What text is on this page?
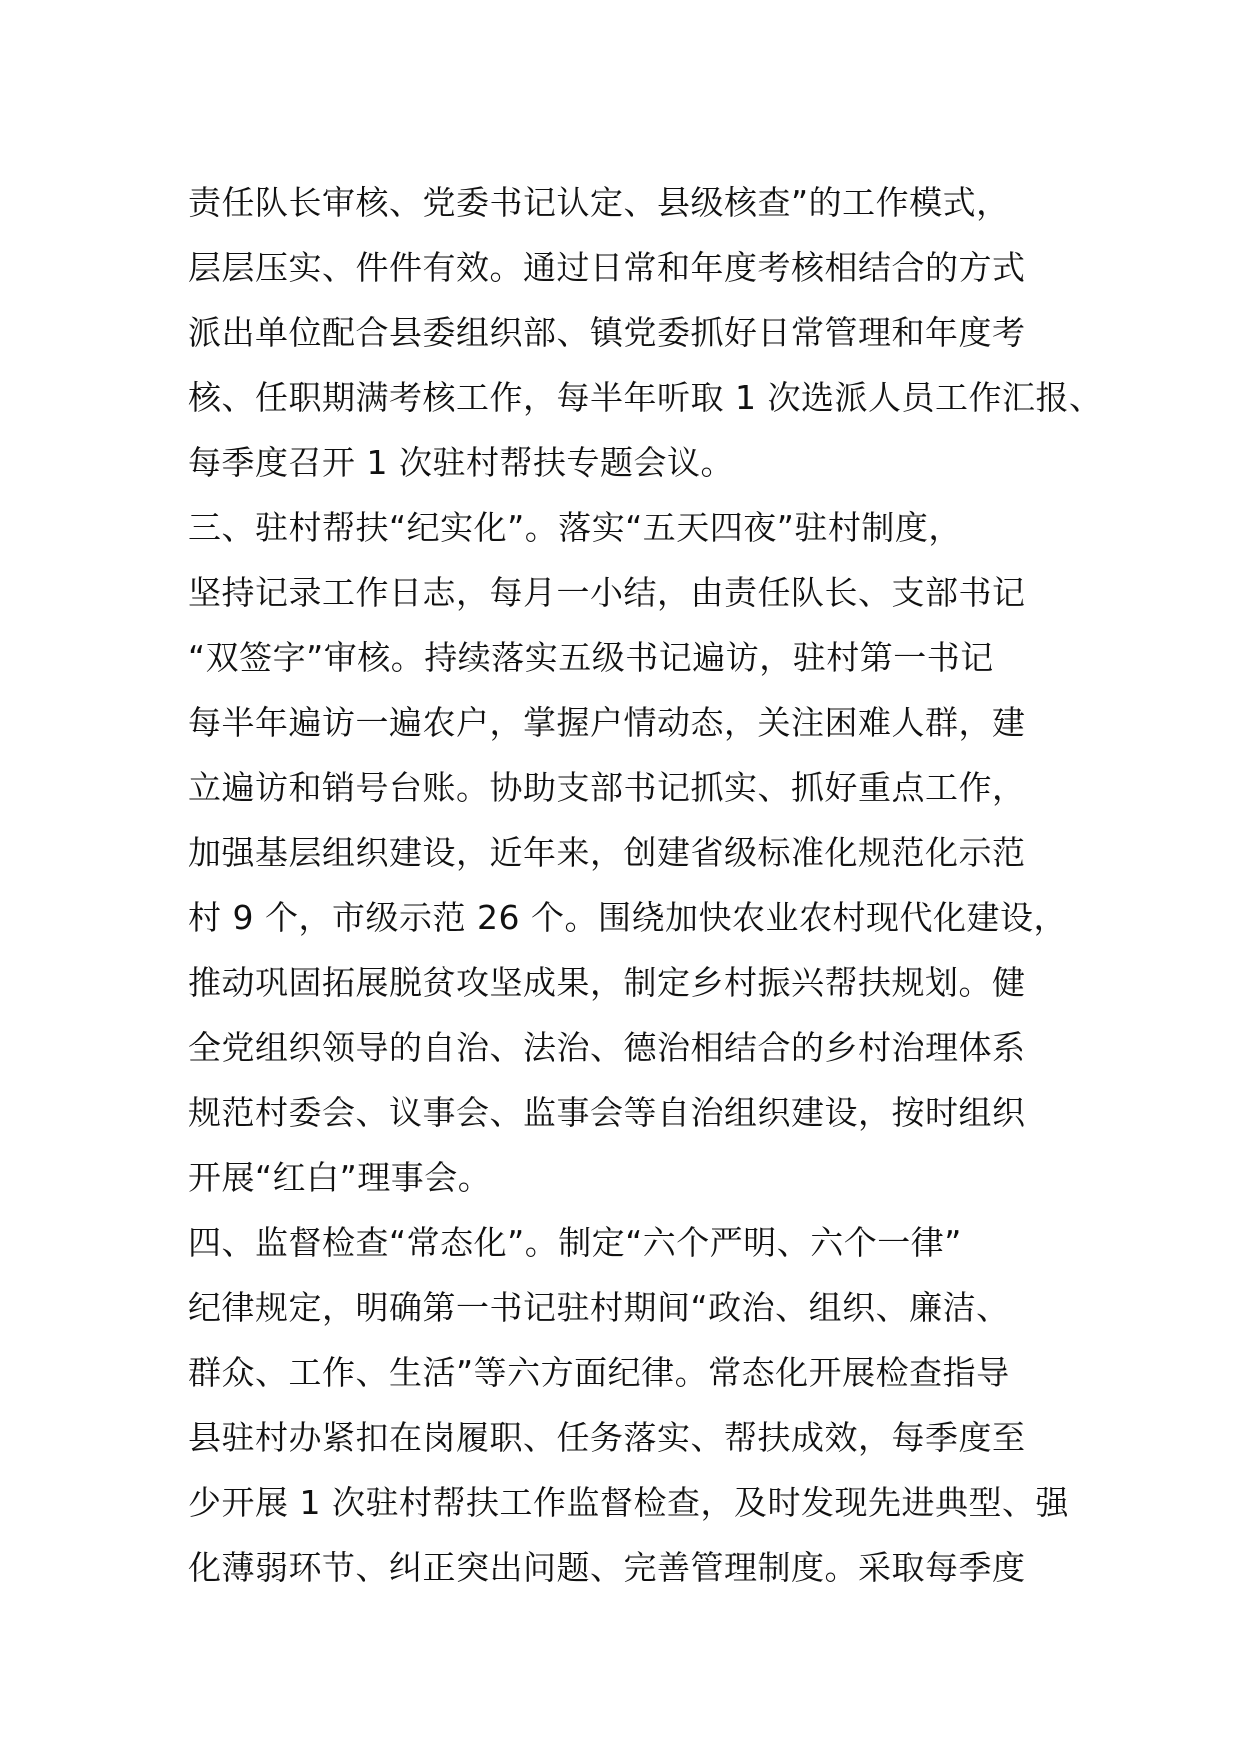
责任队长审核、党委书记认定、县级核查”的工作模式，
层层压实、件件有效。通过日常和年度考核相结合的方式
派出单位配合县委组织部、镇党委抓好日常管理和年度考
核、任职期满考核工作，每半年听取 1 次选派人员工作汇报、
每季度召开 1 次驻村帮扶专题会议。
三、驻村帮扶“纪实化”。落实“五天四夜”驻村制度，
坚持记录工作日志，每月一小结，由责任队长、支部书记
“双签字”审核。持续落实五级书记遍访，驻村第一书记
每半年遍访一遍农户，掌握户情动态，关注困难人群，建
立遍访和销号台账。协助支部书记抓实、抓好重点工作，
加强基层组织建设，近年来，创建省级标准化规范化示范
村 9 个，市级示范 26 个。围绕加快农业农村现代化建设，
推动巩固拓展脱贫攻坚成果，制定乡村振兴帮扶规划。健
全党组织领导的自治、法治、德治相结合的乡村治理体系
规范村委会、议事会、监事会等自治组织建设，按时组织
开展“红白”理事会。
四、监督检查“常态化”。制定“六个严明、六个一律”
纪律规定，明确第一书记驻村期间“政治、组织、廉洁、
群众、工作、生活”等六方面纪律。常态化开展检查指导
县驻村办紧扣在岗履职、任务落实、帮扶成效，每季度至
少开展 1 次驻村帮扶工作监督检查，及时发现先进典型、强
化薄弱环节、纠正突出问题、完善管理制度。采取每季度
